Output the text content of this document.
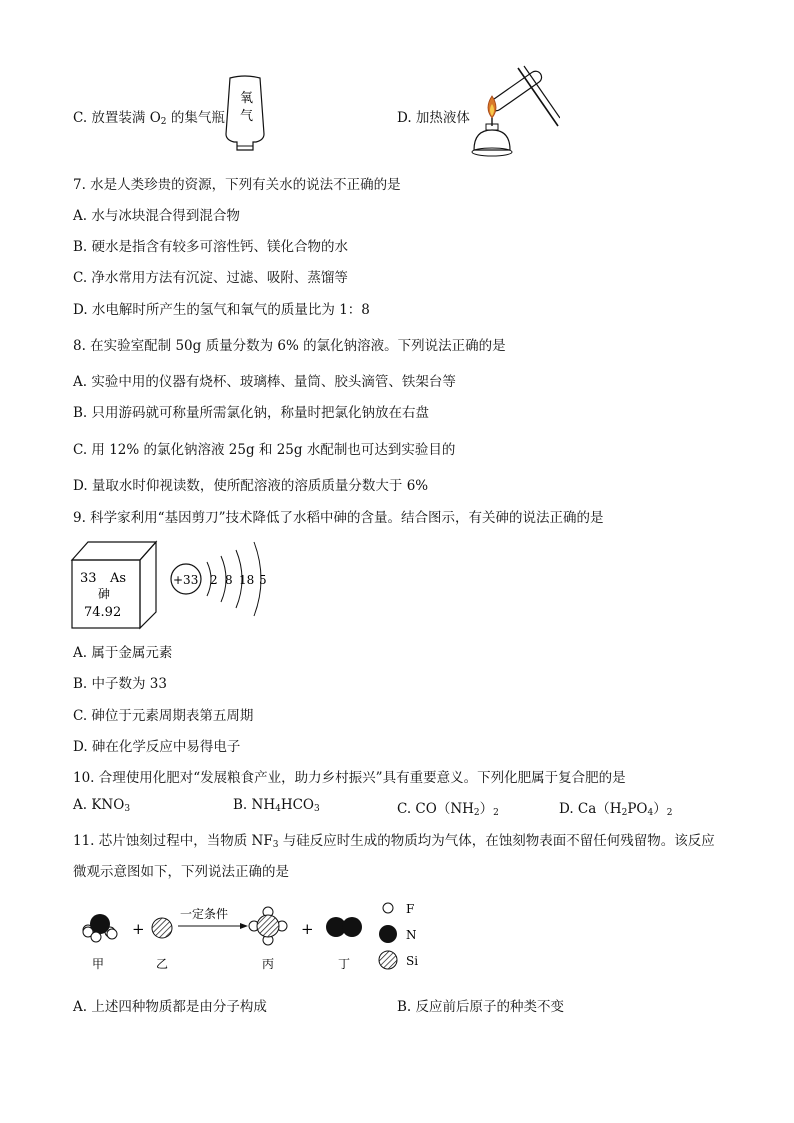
C. 放置装满 $O_2$ 的集气瓶
氧
气	D. 加热液体
7. 水是人类珍贵的资源，下列有关水的说法不正确的是
A. 水与冰块混合得到混合物
B. 硬水是指含有较多可溶性钙、镁化合物的水
C. 净水常用方法有沉淀、过滤、吸附、蒸馏等
D. 水电解时所产生的氢气和氧气的质量比为 1：8
8. 在实验室配制 50g 质量分数为 6% 的氯化钠溶液。下列说法正确的是
A. 实验中用的仪器有烧杯、玻璃棒、量筒、胶头滴管、铁架台等
B. 只用游码就可称量所需氯化钠，称量时把氯化钠放在右盘
C. 用 12% 的氯化钠溶液 25g 和 25g 水配制也可达到实验目的
D. 量取水时仰视读数，使所配溶液的溶质质量分数大于 6%
9. 科学家利用“基因剪刀”技术降低了水稻中砷的含量。结合图示，有关砷的说法正确的是
33 As
砷
74.92
+33 2 8 18 5
A. 属于金属元素
B. 中子数为 33
C. 砷位于元素周期表第五周期
D. 砷在化学反应中易得电子
10. 合理使用化肥对“发展粮食产业，助力乡村振兴”具有重要意义。下列化肥属于复合肥的是
A. $KNO_3$	B. $NH_4HCO_3$	C. $CO(NH_2)_2$	D. $Ca(H_2PO_4)_2$
11. 芯片蚀刻过程中，当物质 $NF_3$ 与硅反应时生成的物质均为气体，在蚀刻物表面不留任何残留物。该反应
微观示意图如下，下列说法正确的是
+
一定条件
+
甲	乙	丙	丁
F
N
Si
A. 上述四种物质都是由分子构成	B. 反应前后原子的种类不变
